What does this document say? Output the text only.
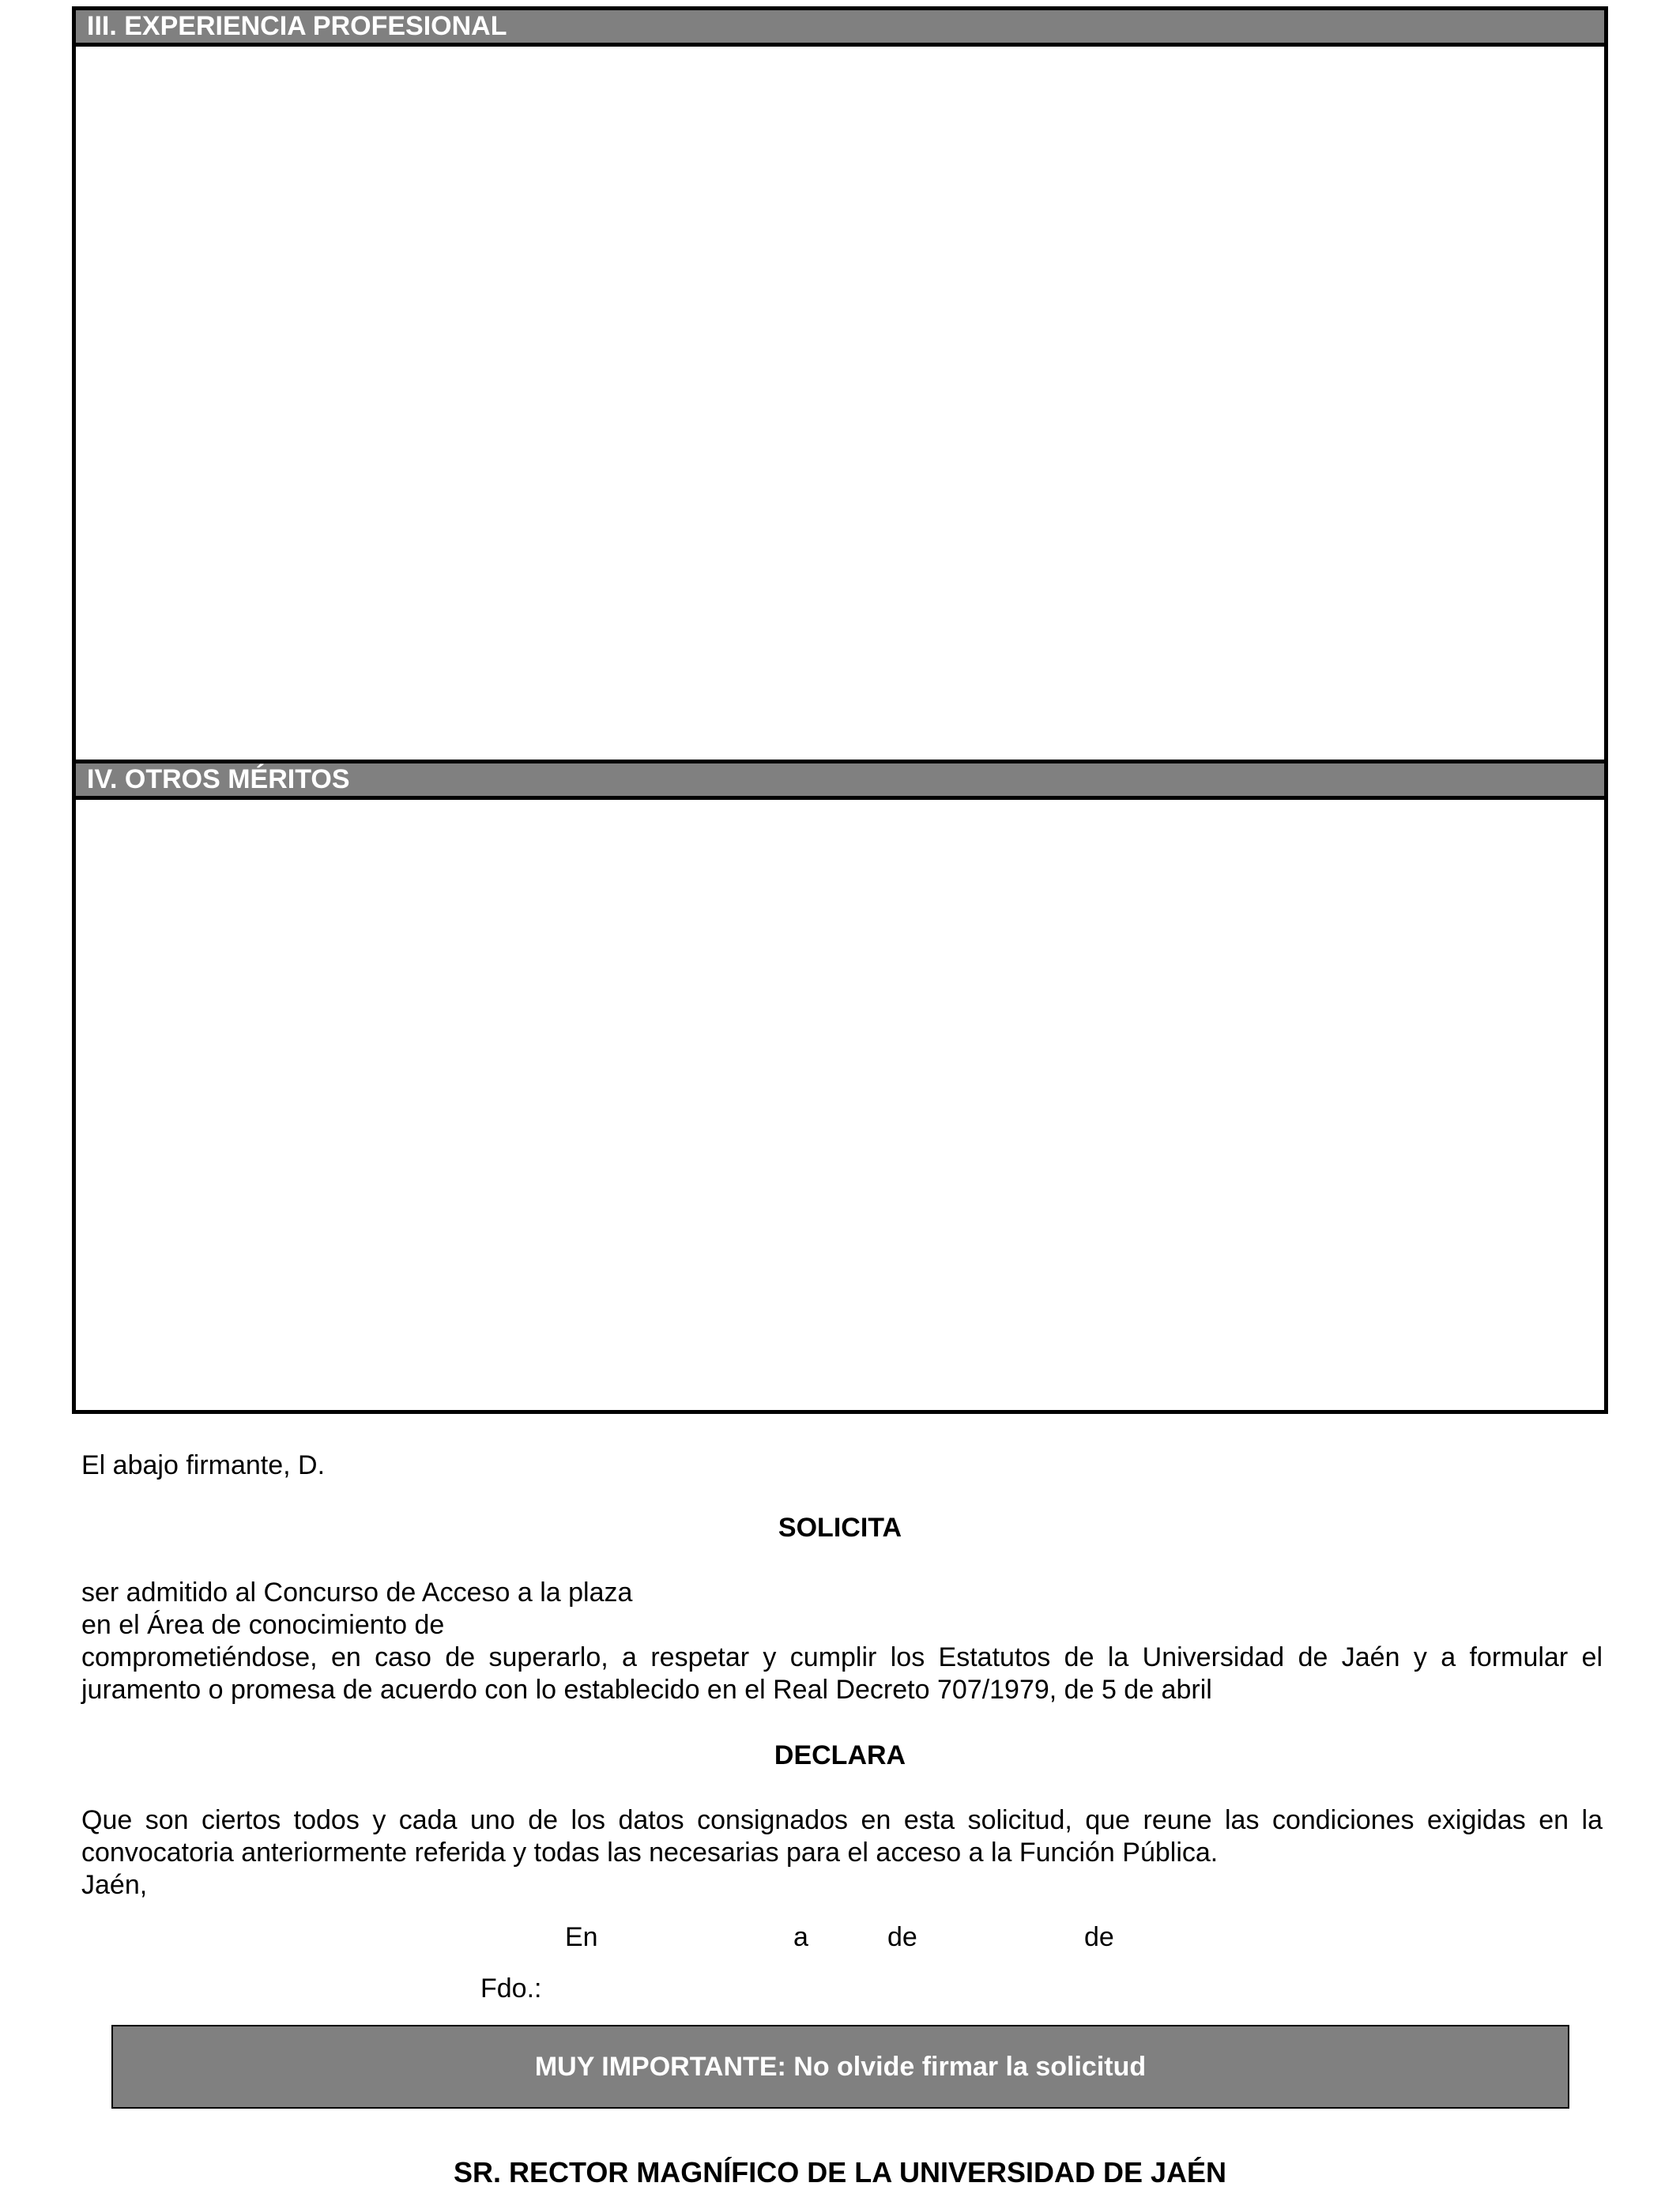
III. EXPERIENCIA PROFESIONAL
IV. OTROS MÉRITOS
El abajo firmante, D.
SOLICITA
ser admitido al Concurso de Acceso a la plaza
en el Área de conocimiento de
comprometiéndose, en caso de superarlo, a respetar y cumplir los Estatutos de la Universidad de Jaén y a formular el
juramento o promesa de acuerdo con lo establecido en el Real Decreto 707/1979, de 5 de abril
DECLARA
Que son ciertos todos y cada uno de los datos consignados en esta solicitud, que reune las condiciones exigidas en la
convocatoria anteriormente referida y todas las necesarias para el acceso a la Función Pública.
Jaén,
En	a	de	de
Fdo.:
MUY IMPORTANTE: No olvide firmar la solicitud
SR. RECTOR MAGNÍFICO DE LA UNIVERSIDAD DE JAÉN
